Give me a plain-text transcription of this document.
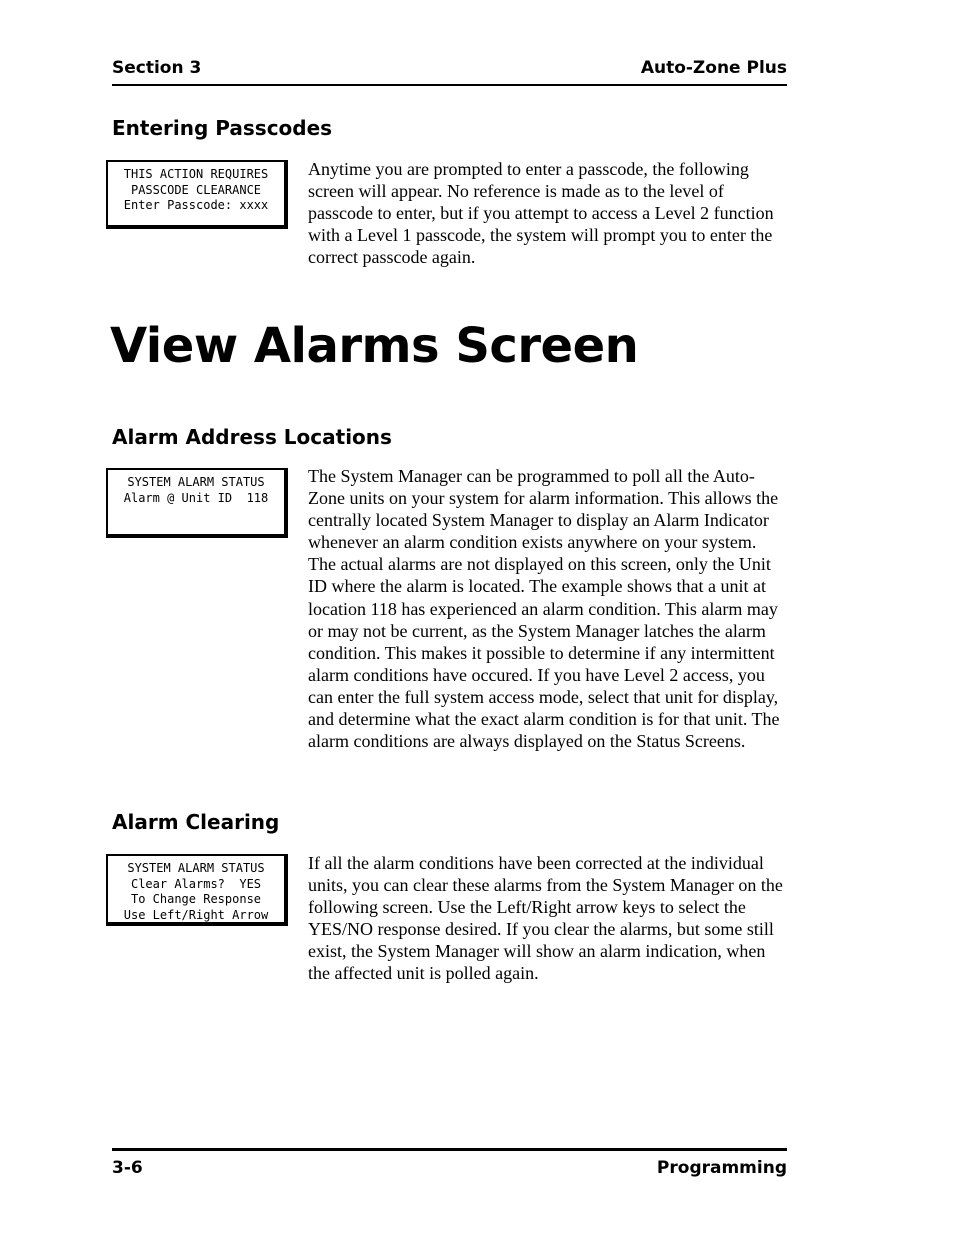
Section 3	Auto-Zone Plus
Entering Passcodes
THIS ACTION REQUIRES
PASSCODE CLEARANCE
Enter Passcode: xxxx

Anytime you are prompted to enter a passcode, the following screen will appear. No reference is made as to the level of passcode to enter, but if you attempt to access a Level 2 function with a Level 1 passcode, the system will prompt you to enter the correct passcode again.

View Alarms Screen
Alarm Address Locations
SYSTEM ALARM STATUS
Alarm @ Unit ID  118

The System Manager can be programmed to poll all the Auto-Zone units on your system for alarm information. This allows the centrally located System Manager to display an Alarm Indicator whenever an alarm condition exists anywhere on your system. The actual alarms are not displayed on this screen, only the Unit ID where the alarm is located. The example shows that a unit at location 118 has experienced an alarm condition. This alarm may or may not be current, as the System Manager latches the alarm condition. This makes it possible to determine if any intermittent alarm conditions have occured. If you have Level 2 access, you can enter the full system access mode, select that unit for display, and determine what the exact alarm condition is for that unit. The alarm conditions are always displayed on the Status Screens.

Alarm Clearing
SYSTEM ALARM STATUS
Clear Alarms?  YES
To Change Response
Use Left/Right Arrow

If all the alarm conditions have been corrected at the individual units, you can clear these alarms from the System Manager on the following screen. Use the Left/Right arrow keys to select the YES/NO response desired. If you clear the alarms, but some still exist, the System Manager will show an alarm indication, when the affected unit is polled again.

3-6	Programming
